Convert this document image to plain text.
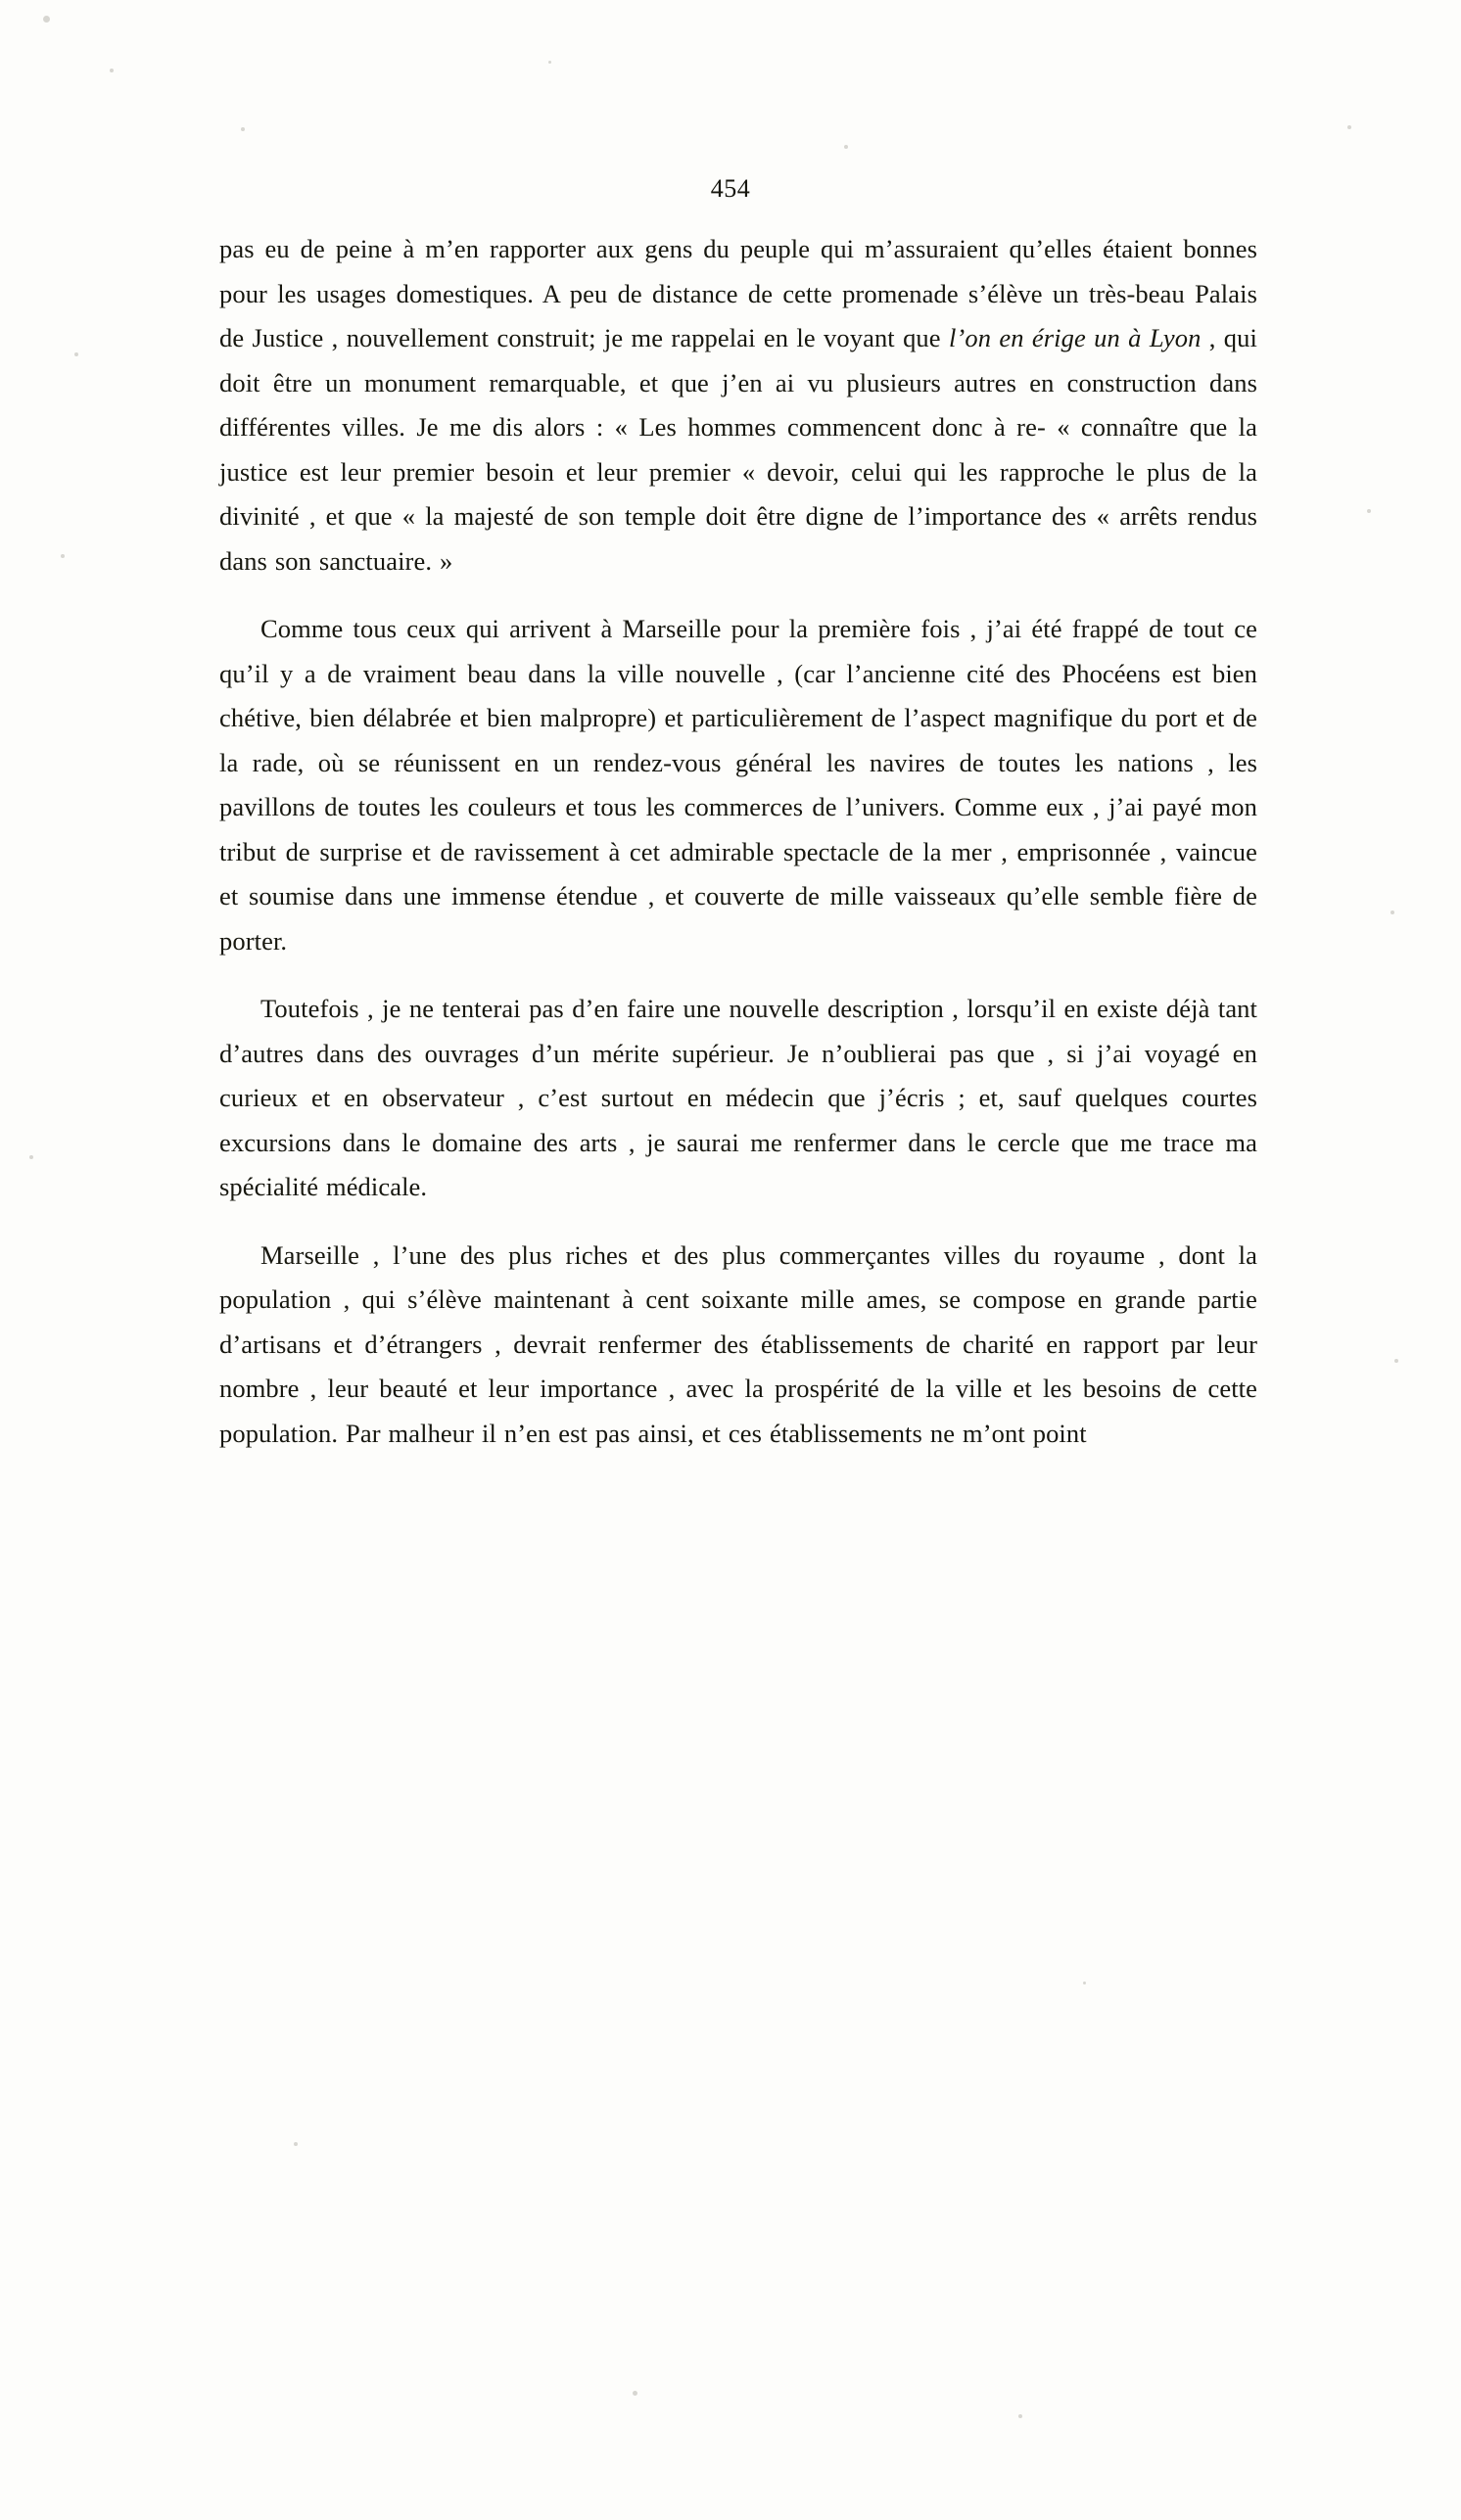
454

pas eu de peine à m’en rapporter aux gens du peuple qui m’assuraient qu’elles étaient bonnes pour les usages domestiques. A peu de distance de cette promenade s’élève un très-beau Palais de Justice , nouvellement construit; je me rappelai en le voyant que l’on en érige un à Lyon , qui doit être un monument remarquable, et que j’en ai vu plusieurs autres en construction dans différentes villes. Je me dis alors : « Les hommes commencent donc à re- « connaître que la justice est leur premier besoin et leur premier « devoir, celui qui les rapproche le plus de la divinité , et que « la majesté de son temple doit être digne de l’importance des « arrêts rendus dans son sanctuaire. »

Comme tous ceux qui arrivent à Marseille pour la première fois , j’ai été frappé de tout ce qu’il y a de vraiment beau dans la ville nouvelle , (car l’ancienne cité des Phocéens est bien chétive, bien délabrée et bien malpropre) et particulièrement de l’aspect magnifique du port et de la rade, où se réunissent en un rendez-vous général les navires de toutes les nations , les pavillons de toutes les couleurs et tous les commerces de l’univers. Comme eux , j’ai payé mon tribut de surprise et de ravissement à cet admirable spectacle de la mer , emprisonnée , vaincue et soumise dans une immense étendue , et couverte de mille vaisseaux qu’elle semble fière de porter.

Toutefois , je ne tenterai pas d’en faire une nouvelle description , lorsqu’il en existe déjà tant d’autres dans des ouvrages d’un mérite supérieur. Je n’oublierai pas que , si j’ai voyagé en curieux et en observateur , c’est surtout en médecin que j’écris ; et, sauf quelques courtes excursions dans le domaine des arts , je saurai me renfermer dans le cercle que me trace ma spécialité médicale.

Marseille , l’une des plus riches et des plus commerçantes villes du royaume , dont la population , qui s’élève maintenant à cent soixante mille ames, se compose en grande partie d’artisans et d’étrangers , devrait renfermer des établissements de charité en rapport par leur nombre , leur beauté et leur importance , avec la prospérité de la ville et les besoins de cette population. Par malheur il n’en est pas ainsi, et ces établissements ne m’ont point
